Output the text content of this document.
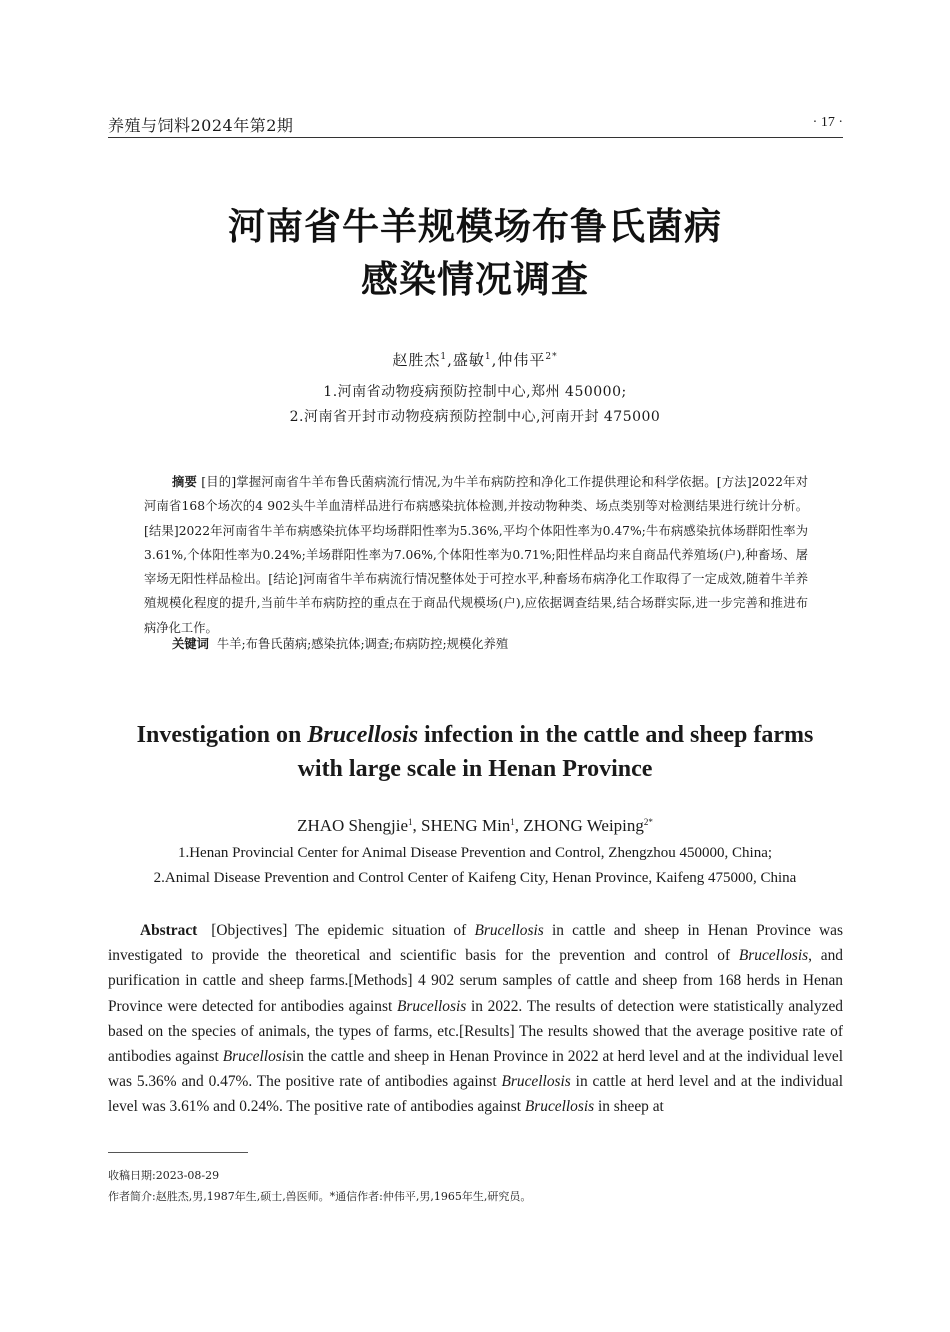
养殖与饲料2024年第2期	· 17 ·
河南省牛羊规模场布鲁氏菌病
感染情况调查
赵胜杰$^1$,盛敏$^1$,仲伟平$^{2*}$
1.河南省动物疫病预防控制中心,郑州 450000;
2.河南省开封市动物疫病预防控制中心,河南开封 475000
摘要 [目的]掌握河南省牛羊布鲁氏菌病流行情况,为牛羊布病防控和净化工作提供理论和科学依据。[方法]2022年对河南省168个场次的4 902头牛羊血清样品进行布病感染抗体检测,并按动物种类、场点类别等对检测结果进行统计分析。[结果]2022年河南省牛羊布病感染抗体平均场群阳性率为5.36%,平均个体阳性率为0.47%;牛布病感染抗体场群阳性率为3.61%,个体阳性率为0.24%;羊场群阳性率为7.06%,个体阳性率为0.71%;阳性样品均来自商品代养殖场(户),种畜场、屠宰场无阳性样品检出。[结论]河南省牛羊布病流行情况整体处于可控水平,种畜场布病净化工作取得了一定成效,随着牛羊养殖规模化程度的提升,当前牛羊布病防控的重点在于商品代规模场(户),应依据调查结果,结合场群实际,进一步完善和推进布病净化工作。
关键词 牛羊;布鲁氏菌病;感染抗体;调查;布病防控;规模化养殖
Investigation on Brucellosis infection in the cattle and sheep farms
with large scale in Henan Province
ZHAO Shengjie$^1$, SHENG Min$^1$, ZHONG Weiping$^{2*}$
1.Henan Provincial Center for Animal Disease Prevention and Control, Zhengzhou 450000, China;
2.Animal Disease Prevention and Control Center of Kaifeng City, Henan Province, Kaifeng 475000, China
Abstract [Objectives] The epidemic situation of Brucellosis in cattle and sheep in Henan Province was investigated to provide the theoretical and scientific basis for the prevention and control of Brucellosis, and purification in cattle and sheep farms.[Methods] 4 902 serum samples of cattle and sheep from 168 herds in Henan Province were detected for antibodies against Brucellosis in 2022. The results of detection were statistically analyzed based on the species of animals, the types of farms, etc.[Results] The results showed that the average positive rate of antibodies against Brucellosisin the cattle and sheep in Henan Province in 2022 at herd level and at the individual level was 5.36% and 0.47%. The positive rate of antibodies against Brucellosis in cattle at herd level and at the individual level was 3.61% and 0.24%. The positive rate of antibodies against Brucellosis in sheep at
收稿日期:2023-08-29
作者简介:赵胜杰,男,1987年生,硕士,兽医师。*通信作者:仲伟平,男,1965年生,研究员。
